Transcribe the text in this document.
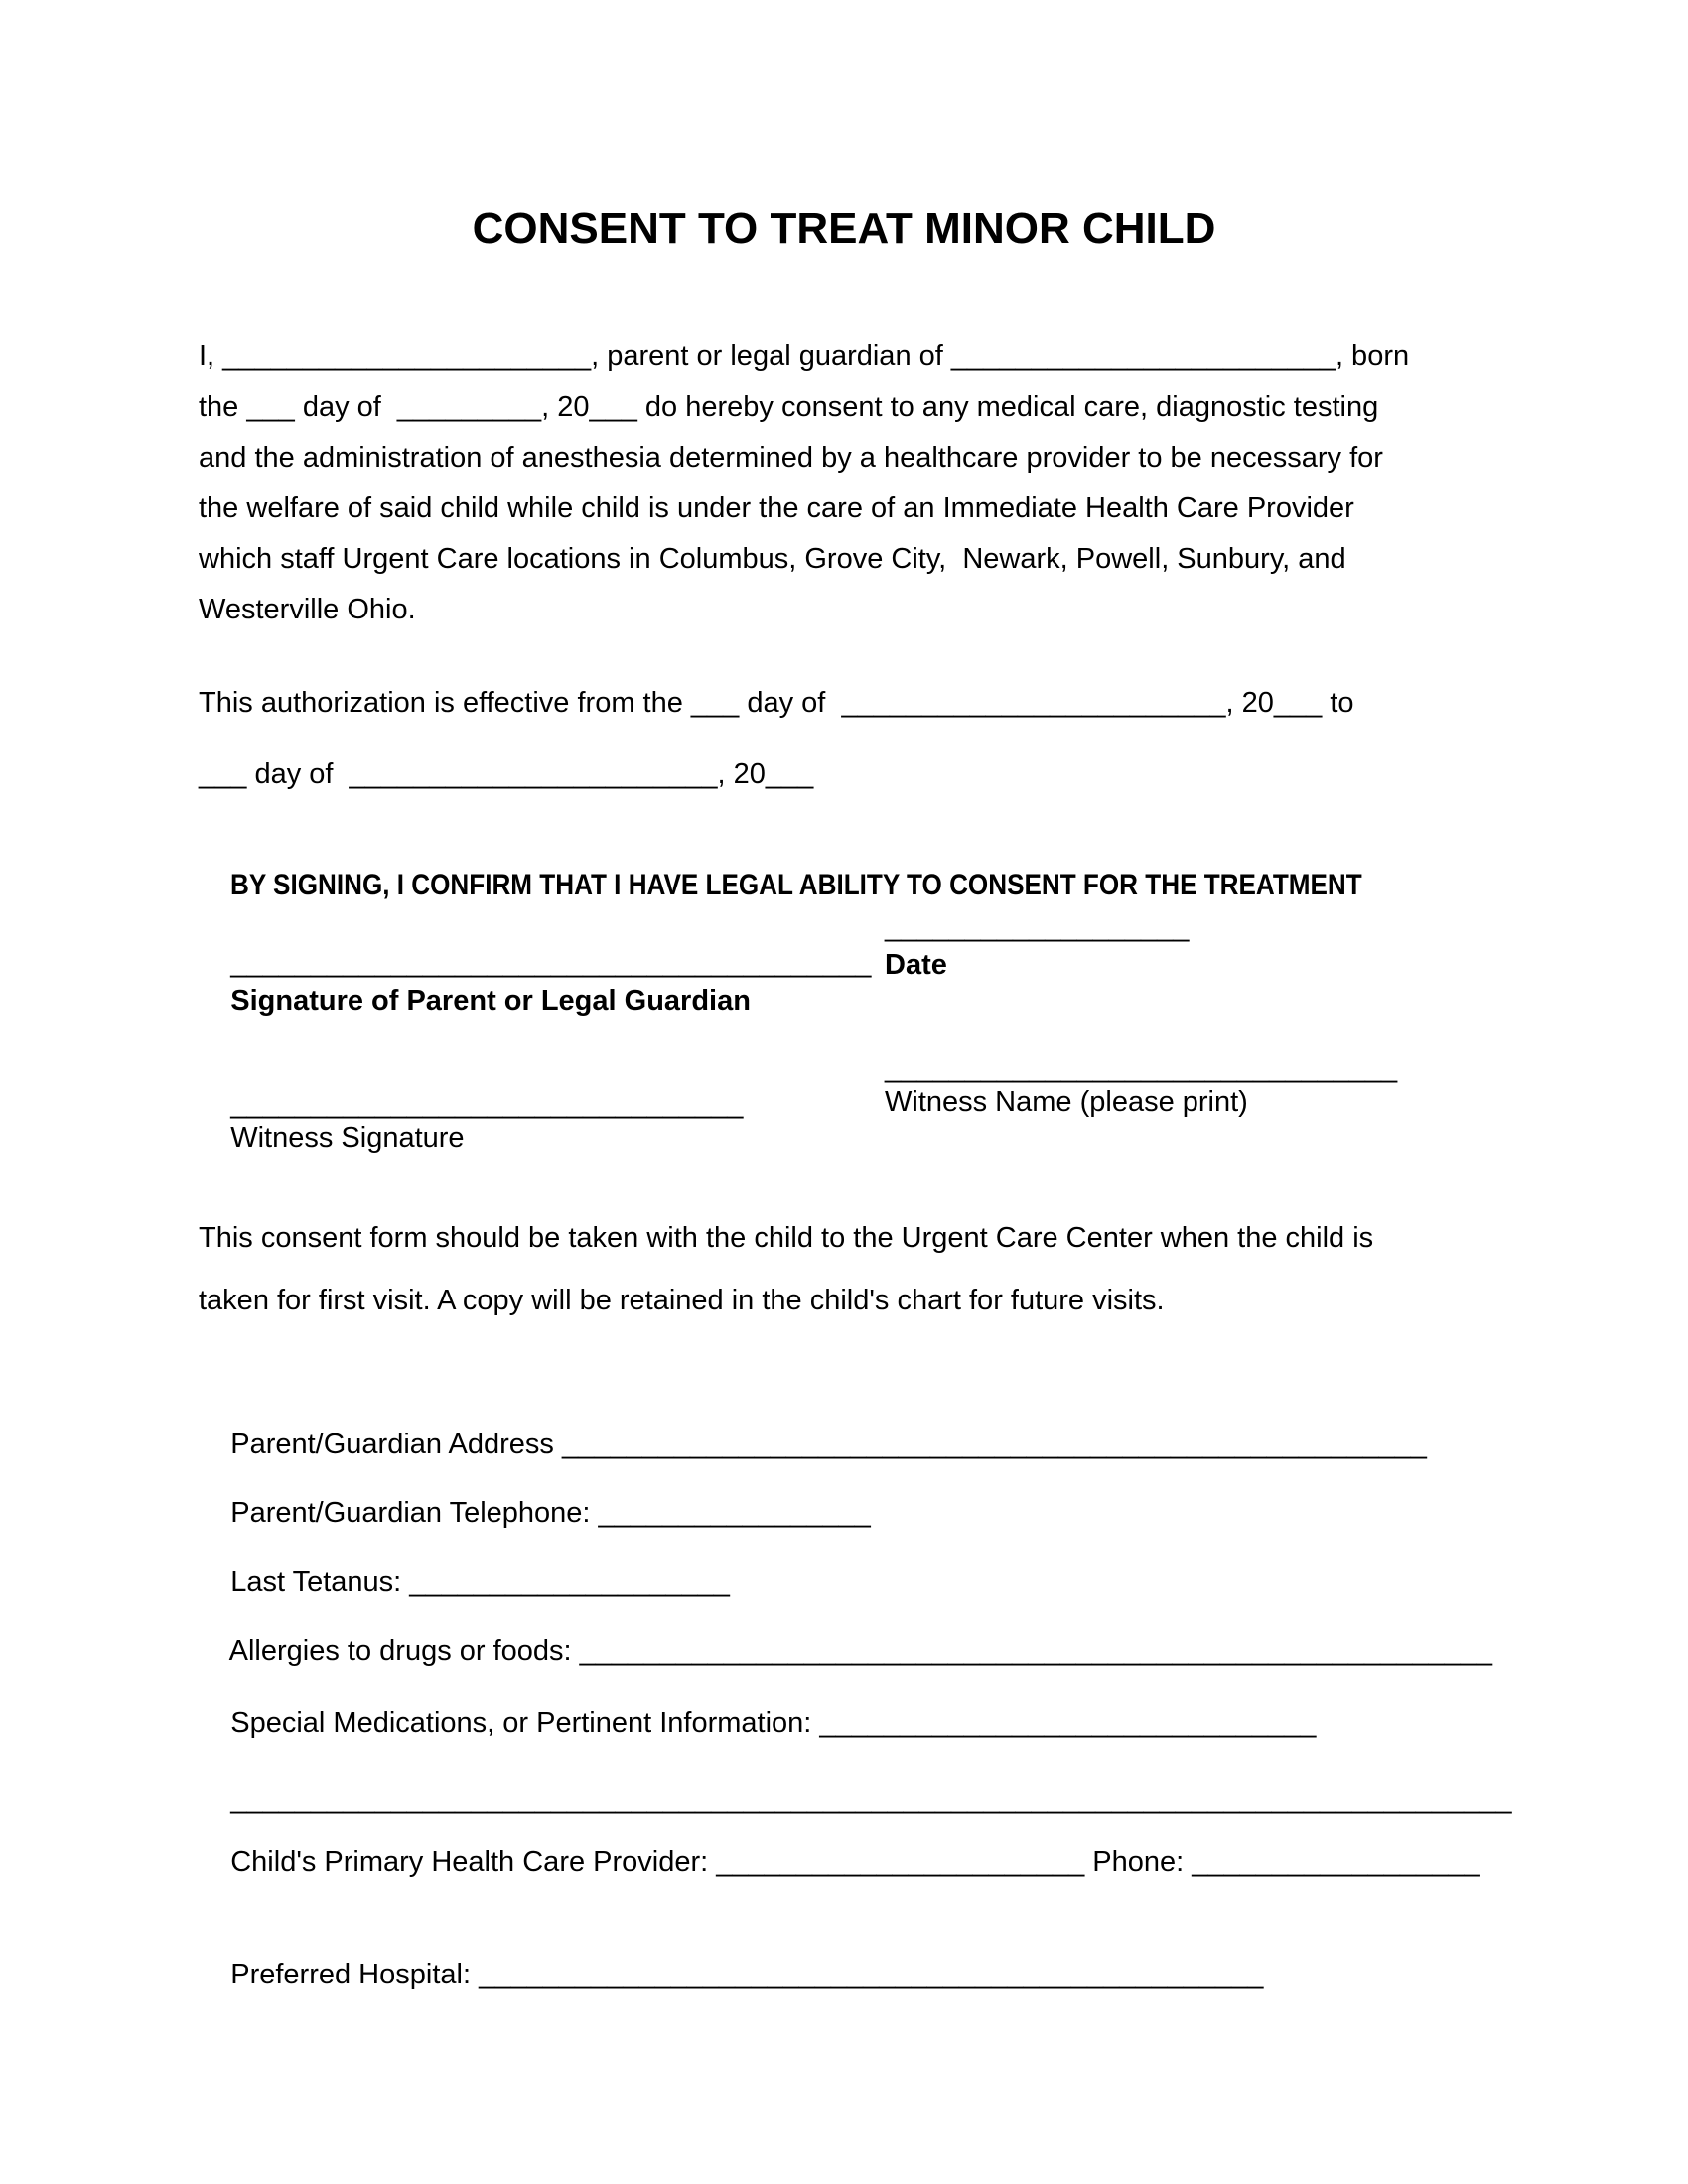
CONSENT TO TREAT MINOR CHILD
I, _______________________, parent or legal guardian of ________________________, born
the ___ day of  _________, 20___ do hereby consent to any medical care, diagnostic testing
and the administration of anesthesia determined by a healthcare provider to be necessary for
the welfare of said child while child is under the care of an Immediate Health Care Provider
which staff Urgent Care locations in Columbus, Grove City,  Newark, Powell, Sunbury, and
Westerville Ohio.
This authorization is effective from the ___ day of  ________________________, 20___ to
___ day of  _______________________, 20___

BY SIGNING, I CONFIRM THAT I HAVE LEGAL ABILITY TO CONSENT FOR THE TREATMENT

________________________________________

___________________

Signature of Parent or Legal Guardian

Date

________________________________

________________________________

Witness Signature

Witness Name (please print)

This consent form should be taken with the child to the Urgent Care Center when the child is
taken for first visit. A copy will be retained in the child's chart for future visits.

Parent/Guardian Address ______________________________________________________

Parent/Guardian Telephone: _________________

Last Tetanus: ____________________

Allergies to drugs or foods: _________________________________________________________

Special Medications, or Pertinent Information: _______________________________

________________________________________________________________________________

Child's Primary Health Care Provider: _______________________ Phone: __________________

Preferred Hospital: _________________________________________________
